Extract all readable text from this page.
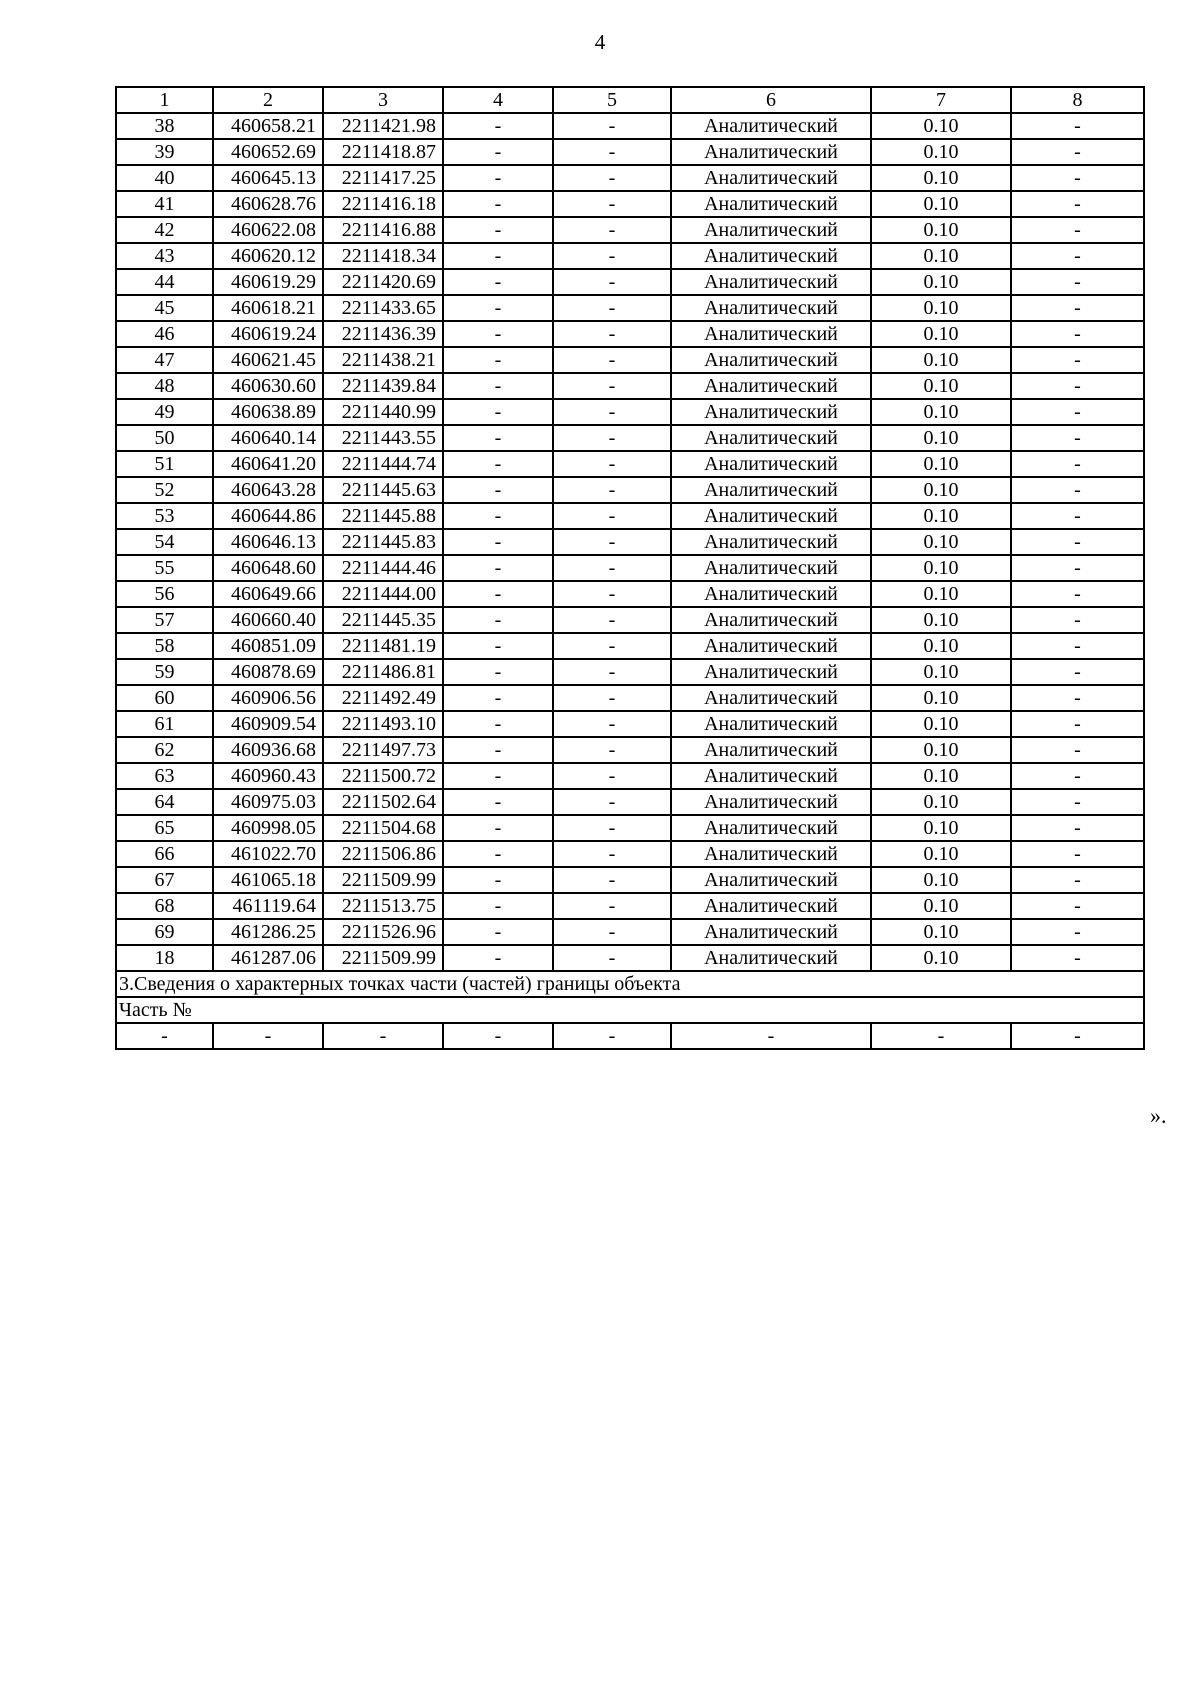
4
1	2	3	4	5	6	7	8
38	460658.21	2211421.98	-	-	Аналитический	0.10	-
39	460652.69	2211418.87	-	-	Аналитический	0.10	-
40	460645.13	2211417.25	-	-	Аналитический	0.10	-
41	460628.76	2211416.18	-	-	Аналитический	0.10	-
42	460622.08	2211416.88	-	-	Аналитический	0.10	-
43	460620.12	2211418.34	-	-	Аналитический	0.10	-
44	460619.29	2211420.69	-	-	Аналитический	0.10	-
45	460618.21	2211433.65	-	-	Аналитический	0.10	-
46	460619.24	2211436.39	-	-	Аналитический	0.10	-
47	460621.45	2211438.21	-	-	Аналитический	0.10	-
48	460630.60	2211439.84	-	-	Аналитический	0.10	-
49	460638.89	2211440.99	-	-	Аналитический	0.10	-
50	460640.14	2211443.55	-	-	Аналитический	0.10	-
51	460641.20	2211444.74	-	-	Аналитический	0.10	-
52	460643.28	2211445.63	-	-	Аналитический	0.10	-
53	460644.86	2211445.88	-	-	Аналитический	0.10	-
54	460646.13	2211445.83	-	-	Аналитический	0.10	-
55	460648.60	2211444.46	-	-	Аналитический	0.10	-
56	460649.66	2211444.00	-	-	Аналитический	0.10	-
57	460660.40	2211445.35	-	-	Аналитический	0.10	-
58	460851.09	2211481.19	-	-	Аналитический	0.10	-
59	460878.69	2211486.81	-	-	Аналитический	0.10	-
60	460906.56	2211492.49	-	-	Аналитический	0.10	-
61	460909.54	2211493.10	-	-	Аналитический	0.10	-
62	460936.68	2211497.73	-	-	Аналитический	0.10	-
63	460960.43	2211500.72	-	-	Аналитический	0.10	-
64	460975.03	2211502.64	-	-	Аналитический	0.10	-
65	460998.05	2211504.68	-	-	Аналитический	0.10	-
66	461022.70	2211506.86	-	-	Аналитический	0.10	-
67	461065.18	2211509.99	-	-	Аналитический	0.10	-
68	461119.64	2211513.75	-	-	Аналитический	0.10	-
69	461286.25	2211526.96	-	-	Аналитический	0.10	-
18	461287.06	2211509.99	-	-	Аналитический	0.10	-
3.Сведения о характерных точках части (частей) границы объекта							
Часть №							
-	-	-	-	-	-	-	-
».
